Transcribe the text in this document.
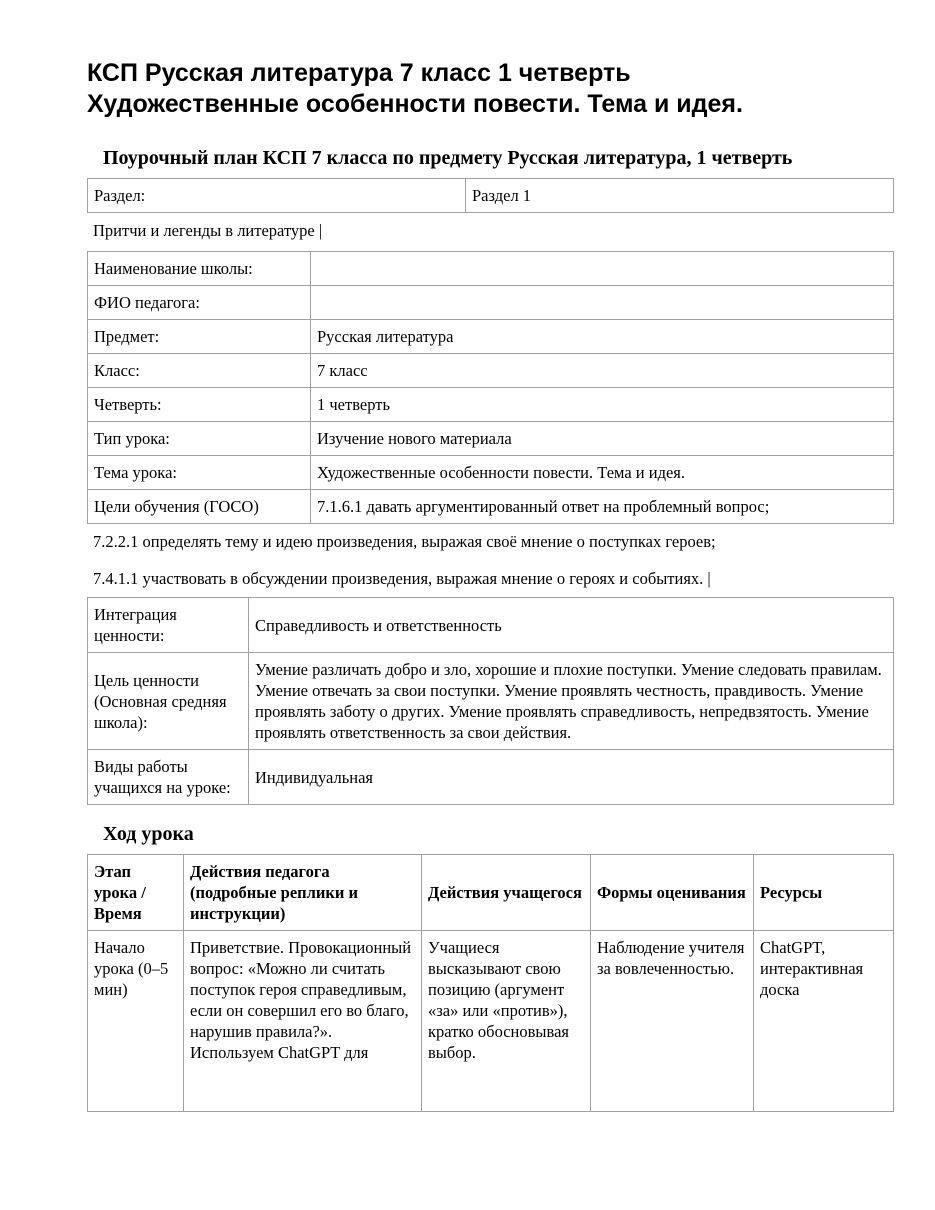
КСП Русская литература 7 класс 1 четверть
Художественные особенности повести. Тема и идея.
Поурочный план КСП 7 класса по предмету Русская литература, 1 четверть
Раздел:	Раздел 1

Притчи и легенды в литературе |

Наименование школы:	
ФИО педагога:	
Предмет:	Русская литература
Класс:	7 класс
Четверть:	1 четверть
Тип урока:	Изучение нового материала
Тема урока:	Художественные особенности повести. Тема и идея.
Цели обучения (ГОСО)	7.1.6.1 давать аргументированный ответ на проблемный вопрос;

7.2.2.1 определять тему и идею произведения, выражая своё мнение о поступках героев;

7.4.1.1 участвовать в обсуждении произведения, выражая мнение о героях и событиях. |

Интеграция ценности:	Справедливость и ответственность
Цель ценности (Основная средняя школа):	Умение различать добро и зло, хорошие и плохие поступки. Умение следовать правилам. Умение отвечать за свои поступки. Умение проявлять честность, правдивость. Умение проявлять заботу о других. Умение проявлять справедливость, непредвзятость. Умение проявлять ответственность за свои действия.
Виды работы учащихся на уроке:	Индивидуальная
Ход урока
Этап урока / Время	Действия педагога (подробные реплики и инструкции)	Действия учащегося	Формы оценивания	Ресурсы
Начало урока (0–5 мин)	Приветствие. Провокационный вопрос: «Можно ли считать поступок героя справедливым, если он совершил его во благо, нарушив правила?». Используем ChatGPT для	Учащиеся высказывают свою позицию (аргумент «за» или «против»), кратко обосновывая выбор.	Наблюдение учителя за вовлеченностью.	ChatGPT, интерактивная доска
